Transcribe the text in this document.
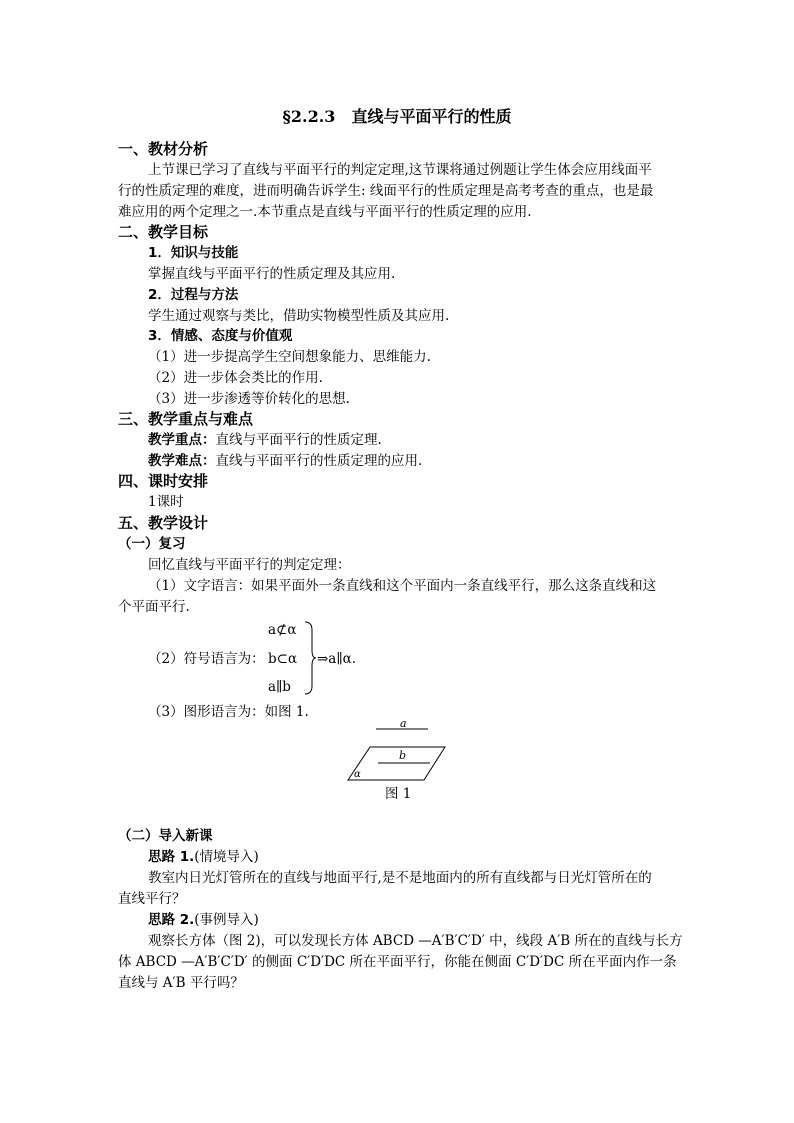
§2.2.3　直线与平面平行的性质
一、教材分析
上节课已学习了直线与平面平行的判定定理,这节课将通过例题让学生体会应用线面平
行的性质定理的难度，进而明确告诉学生: 线面平行的性质定理是高考考查的重点，也是最
难应用的两个定理之一.本节重点是直线与平面平行的性质定理的应用.
二、教学目标
1．知识与技能
掌握直线与平面平行的性质定理及其应用.
2．过程与方法
学生通过观察与类比，借助实物模型性质及其应用.
3．情感、态度与价值观
（1）进一步提高学生空间想象能力、思维能力.
（2）进一步体会类比的作用.
（3）进一步渗透等价转化的思想.
三、教学重点与难点
教学重点：直线与平面平行的性质定理.
教学难点：直线与平面平行的性质定理的应用.
四、课时安排
1课时
五、教学设计
（一）复习
回忆直线与平面平行的判定定理：
（1）文字语言：如果平面外一条直线和这个平面内一条直线平行，那么这条直线和这
个平面平行.
（2）符号语言为：
a⊄α
b⊂α
a∥b
⇒a∥α.
（3）图形语言为：如图 1.
a
b
α
图 1
（二）导入新课
思路 1.(情境导入)
教室内日光灯管所在的直线与地面平行,是不是地面内的所有直线都与日光灯管所在的
直线平行？
思路 2.(事例导入)
观察长方体（图 2)，可以发现长方体 ABCD —A′B′C′D′ 中，线段 A′B 所在的直线与长方
体 ABCD —A′B′C′D′ 的侧面 C′D′DC 所在平面平行，你能在侧面 C′D′DC 所在平面内作一条
直线与 A′B 平行吗？
